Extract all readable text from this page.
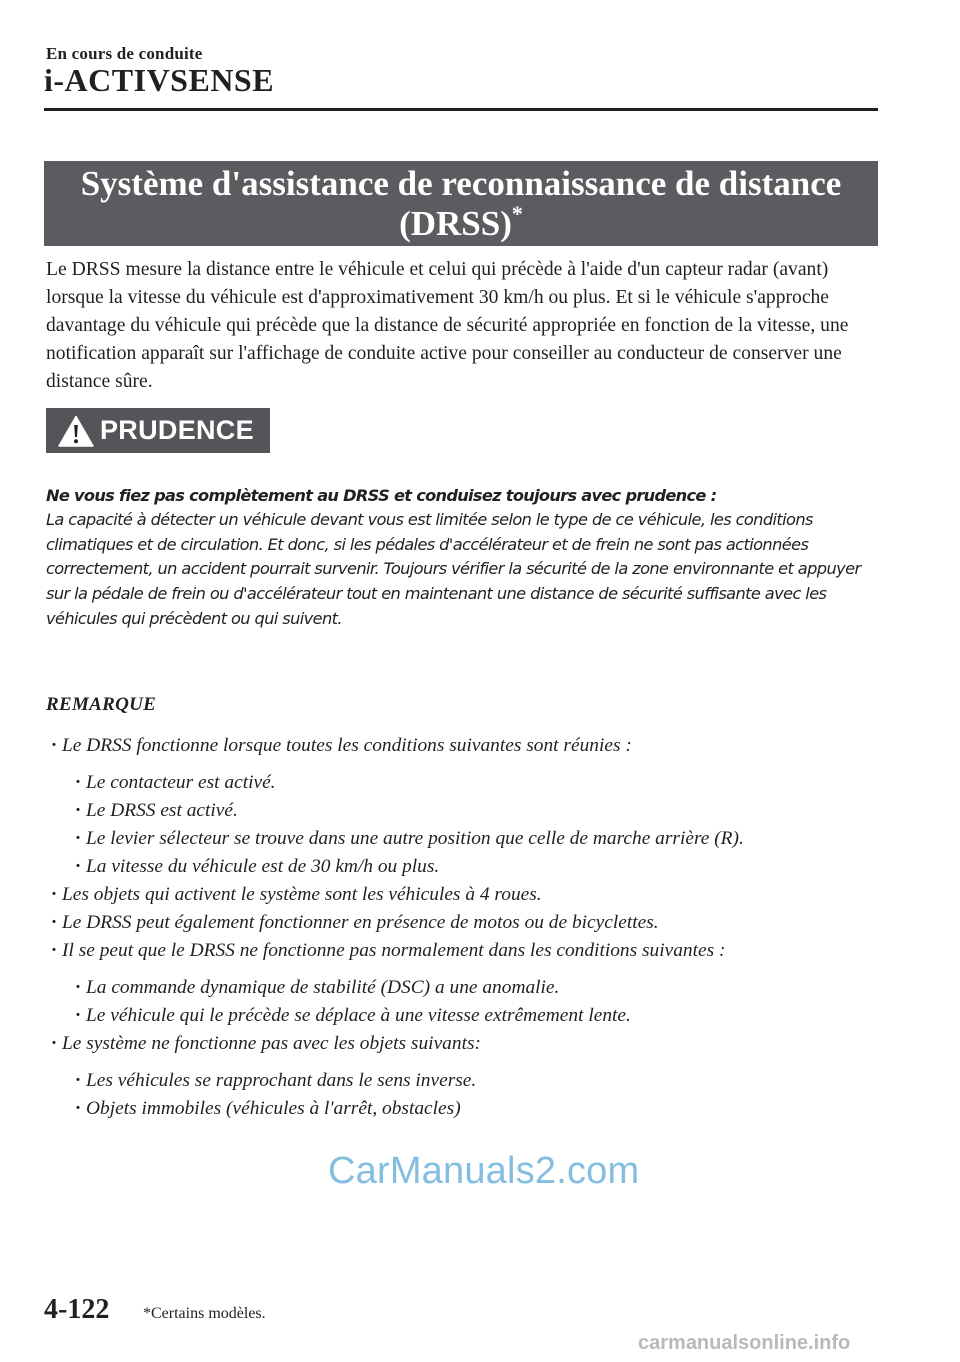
En cours de conduite
i-ACTIVSENSE
Système d'assistance de reconnaissance de distance
(DRSS)*

Le DRSS mesure la distance entre le véhicule et celui qui précède à l'aide d'un capteur radar (avant) lorsque la vitesse du véhicule est d'approximativement 30 km/h ou plus. Et si le véhicule s'approche davantage du véhicule qui précède que la distance de sécurité appropriée en fonction de la vitesse, une notification apparaît sur l'affichage de conduite active pour conseiller au conducteur de conserver une distance sûre.

PRUDENCE

Ne vous fiez pas complètement au DRSS et conduisez toujours avec prudence :

La capacité à détecter un véhicule devant vous est limitée selon le type de ce véhicule, les conditions climatiques et de circulation. Et donc, si les pédales d'accélérateur et de frein ne sont pas actionnées correctement, un accident pourrait survenir. Toujours vérifier la sécurité de la zone environnante et appuyer sur la pédale de frein ou d'accélérateur tout en maintenant une distance de sécurité suffisante avec les véhicules qui précèdent ou qui suivent.

REMARQUE
· Le DRSS fonctionne lorsque toutes les conditions suivantes sont réunies :
· Le contacteur est activé.
· Le DRSS est activé.
· Le levier sélecteur se trouve dans une autre position que celle de marche arrière (R).
· La vitesse du véhicule est de 30 km/h ou plus.
· Les objets qui activent le système sont les véhicules à 4 roues.
· Le DRSS peut également fonctionner en présence de motos ou de bicyclettes.
· Il se peut que le DRSS ne fonctionne pas normalement dans les conditions suivantes :
· La commande dynamique de stabilité (DSC) a une anomalie.
· Le véhicule qui le précède se déplace à une vitesse extrêmement lente.
· Le système ne fonctionne pas avec les objets suivants:
· Les véhicules se rapprochant dans le sens inverse.
· Objets immobiles (véhicules à l'arrêt, obstacles)
CarManuals2.com
4-122 *Certains modèles.
carmanualsonline.info
